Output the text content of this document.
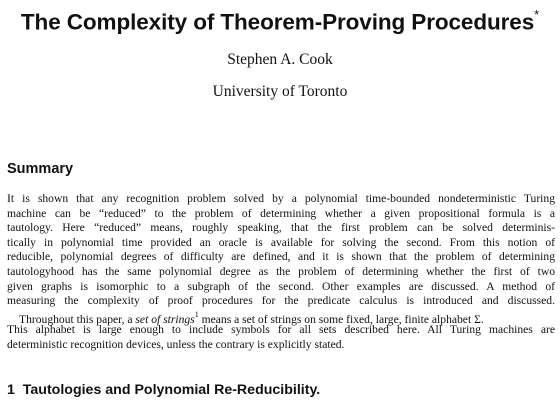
The Complexity of Theorem-Proving Procedures*
Stephen A. Cook
University of Toronto
Summary
It is shown that any recognition problem solved by a polynomial time-bounded nondeterministic Turing
machine can be “reduced” to the problem of determining whether a given propositional formula is a
tautology. Here “reduced” means, roughly speaking, that the first problem can be solved determinis-
tically in polynomial time provided an oracle is available for solving the second. From this notion of
reducible, polynomial degrees of difficulty are defined, and it is shown that the problem of determining
tautologyhood has the same polynomial degree as the problem of determining whether the first of two
given graphs is isomorphic to a subgraph of the second. Other examples are discussed. A method of
measuring the complexity of proof procedures for the predicate calculus is introduced and discussed.
Throughout this paper, a set of strings$^1$ means a set of strings on some fixed, large, finite alphabet Σ.
This alphabet is large enough to include symbols for all sets described here. All Turing machines are
deterministic recognition devices, unless the contrary is explicitly stated.
1 Tautologies and Polynomial Re-Reducibility.
